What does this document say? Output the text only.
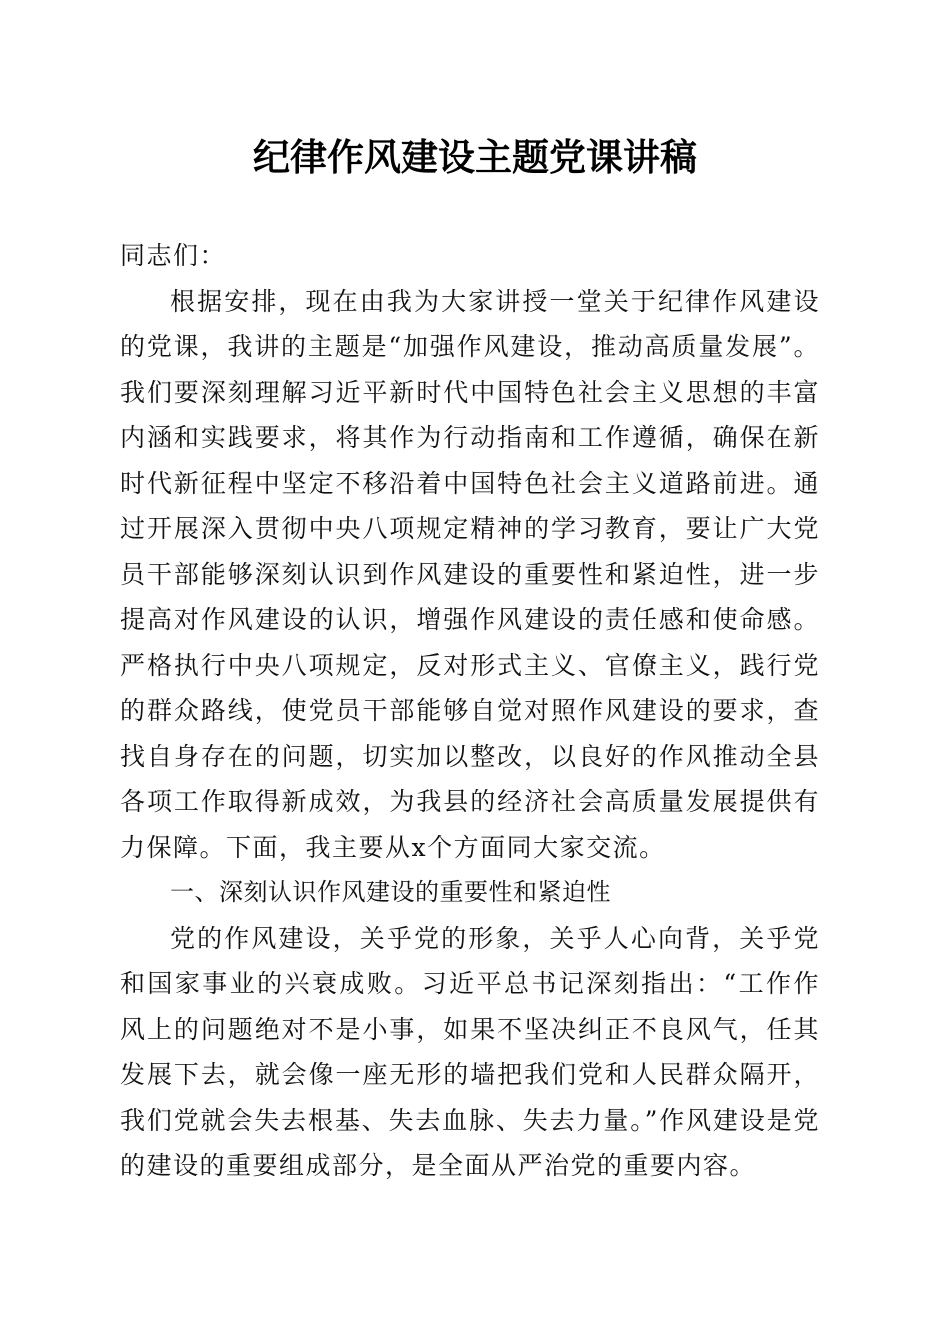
纪律作风建设主题党课讲稿

同志们：

根据安排，现在由我为大家讲授一堂关于纪律作风建设的党课，我讲的主题是“加强作风建设，推动高质量发展”。我们要深刻理解习近平新时代中国特色社会主义思想的丰富内涵和实践要求，将其作为行动指南和工作遵循，确保在新时代新征程中坚定不移沿着中国特色社会主义道路前进。通过开展深入贯彻中央八项规定精神的学习教育，要让广大党员干部能够深刻认识到作风建设的重要性和紧迫性，进一步提高对作风建设的认识，增强作风建设的责任感和使命感。严格执行中央八项规定，反对形式主义、官僚主义，践行党的群众路线，使党员干部能够自觉对照作风建设的要求，查找自身存在的问题，切实加以整改，以良好的作风推动全县各项工作取得新成效，为我县的经济社会高质量发展提供有力保障。下面，我主要从x个方面同大家交流。

一、深刻认识作风建设的重要性和紧迫性

党的作风建设，关乎党的形象，关乎人心向背，关乎党和国家事业的兴衰成败。习近平总书记深刻指出：“工作作风上的问题绝对不是小事，如果不坚决纠正不良风气，任其发展下去，就会像一座无形的墙把我们党和人民群众隔开，我们党就会失去根基、失去血脉、失去力量。”作风建设是党的建设的重要组成部分，是全面从严治党的重要内容。
